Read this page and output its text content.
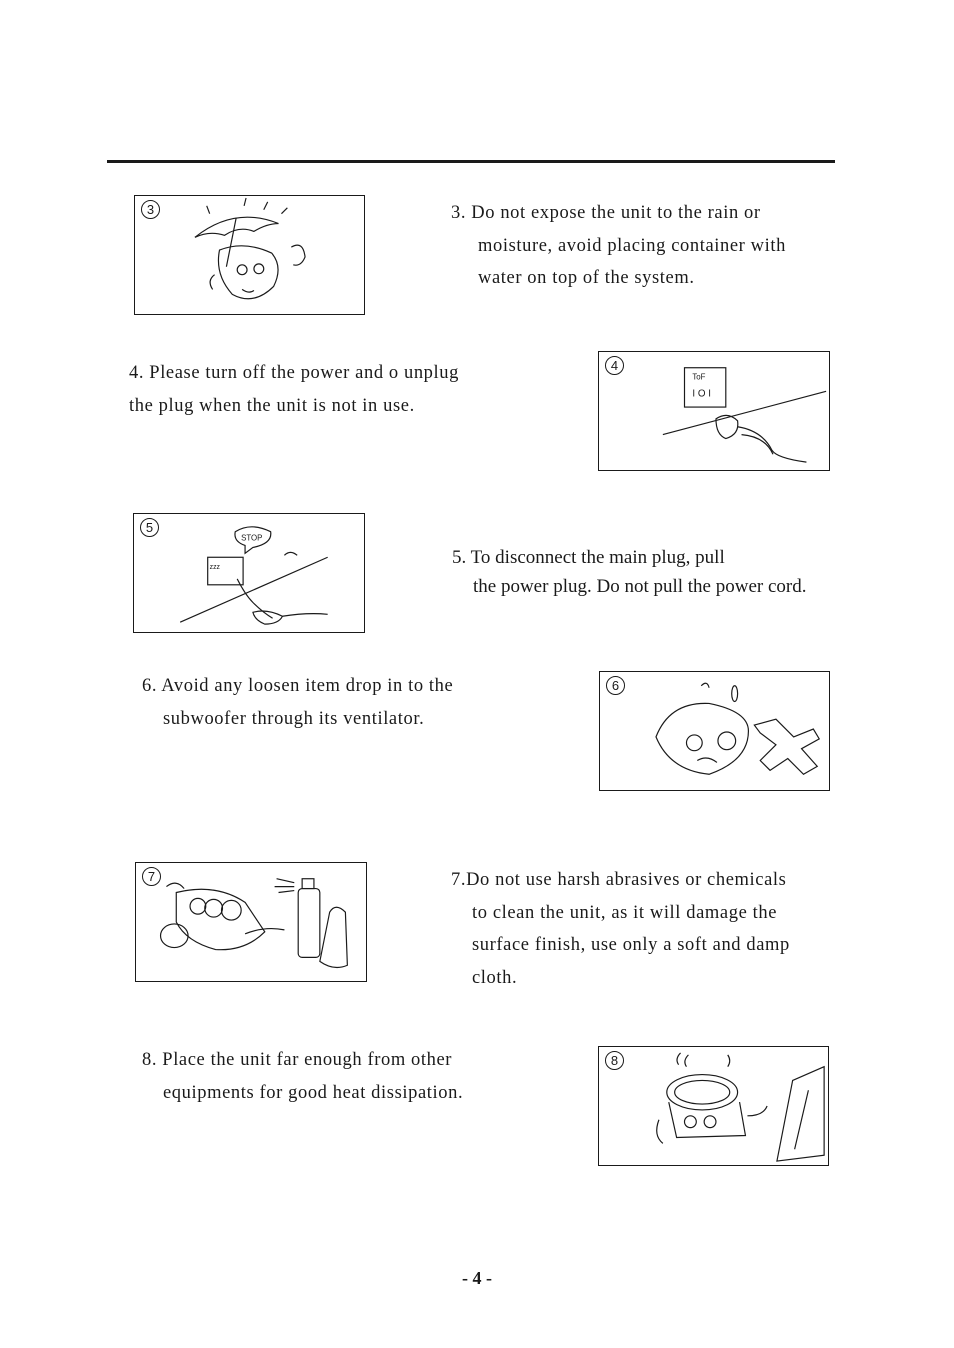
3	3. Do not expose the unit to the rain or
moisture, avoid placing container with
water on top of the system.
4. Please turn off the power and o unplug
the plug when the unit is not in use.
ToF
I O I
4
STOP
zzz
5
5. To disconnect the main plug, pull
the power plug. Do not pull the power cord.
6. Avoid any loosen item drop in to the
subwoofer through its ventilator.
6
7	7.Do not use harsh abrasives or chemicals
to clean the unit, as it will damage the
surface finish, use only a soft and damp
cloth.
8. Place the unit far enough from other
equipments for good heat dissipation.
8
- 4 -
